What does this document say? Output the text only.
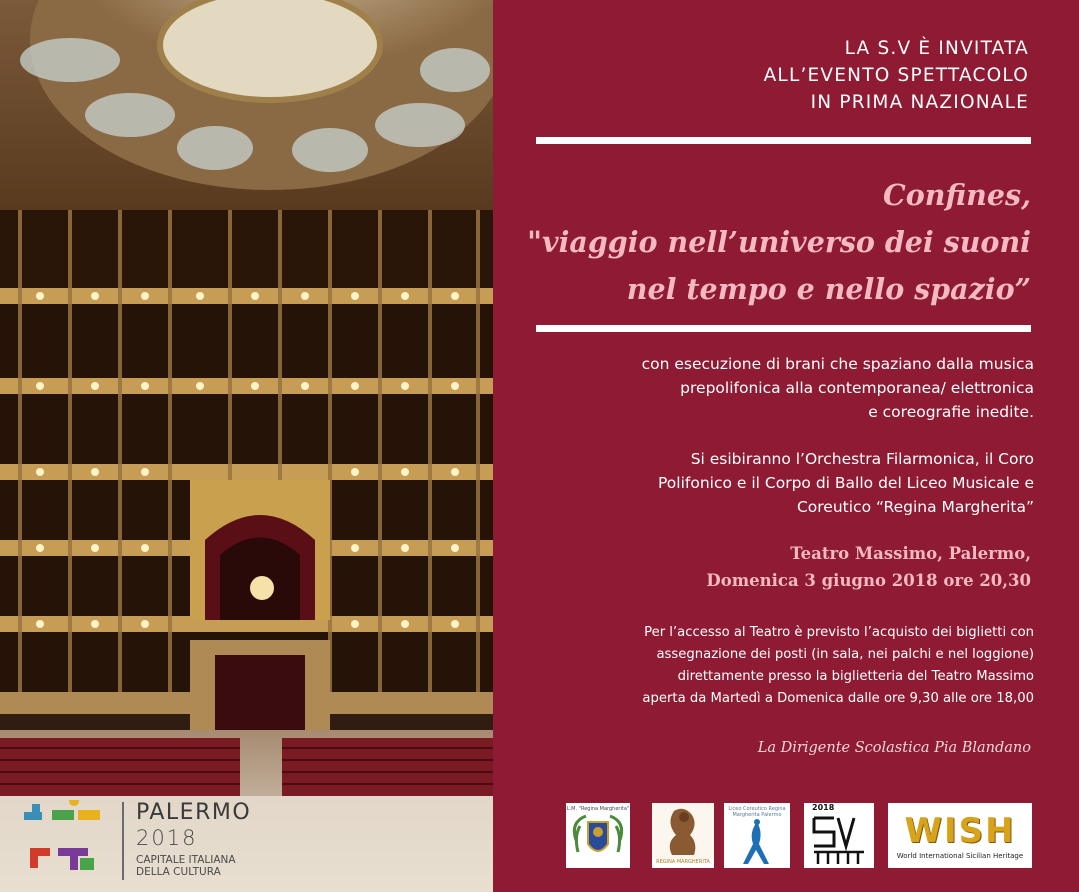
PALERMO
2018
CAPITALE ITALIANA
DELLA CULTURA
LA S.V È INVITATA
ALL’EVENTO SPETTACOLO
IN PRIMA NAZIONALE
Confines,
"viaggio nell’universo dei suoni
nel tempo e nello spazio”
con esecuzione di brani che spaziano dalla musica
prepolifonica alla contemporanea/ elettronica
e coreografie inedite.
Si esibiranno l’Orchestra Filarmonica, il Coro
Polifonico e il Corpo di Ballo del Liceo Musicale e
Coreutico “Regina Margherita”
Teatro Massimo, Palermo,
Domenica 3 giugno 2018 ore 20,30
Per l’accesso al Teatro è previsto l’acquisto dei biglietti con
assegnazione dei posti (in sala, nei palchi e nel loggione)
direttamente presso la biglietteria del Teatro Massimo
aperta da Martedì a Domenica dalle ore 9,30 alle ore 18,00
La Dirigente Scolastica Pia Blandano
L.M. "Regina Margherita"
REGINA MARGHERITA
Liceo Coreutico Regina Margherita Palermo
2018
WISH
World International Sicilian Heritage
